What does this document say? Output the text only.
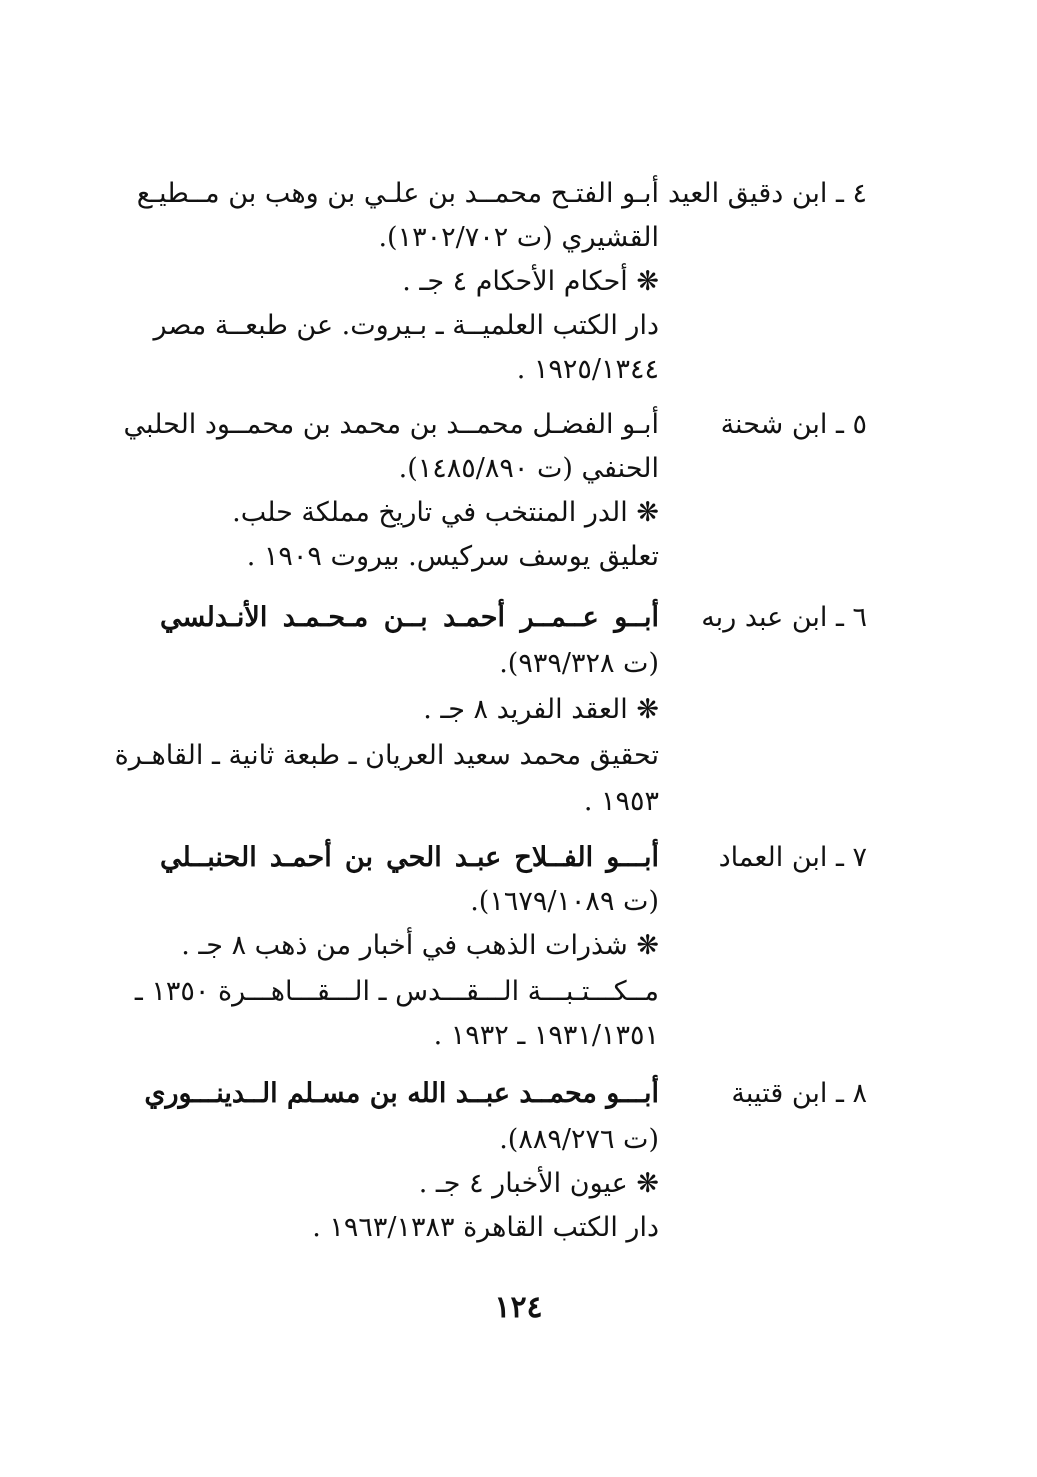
٤ ـ ابن دقيق العيد
أبـو الفتـح محمــد بن علـي بن وهب بن مــطيـع
القشيري (ت ١٣٠٢/٧٠٢).
❋ أحكام الأحكام ٤ جـ .
دار الكتب العلميــة ـ بـيروت. عن طبعــة مصر
١٩٢٥/١٣٤٤ .
٥ ـ ابن شحنة
أبـو الفضـل محمــد بن محمد بن محمــود الحلبي
الحنفي (ت ١٤٨٥/٨٩٠).
❋ الدر المنتخب في تاريخ مملكة حلب.
تعليق يوسف سركيس. بيروت ١٩٠٩ .
٦ ـ ابن عبد ربه
أبــو عــمــر أحمـد بــن مـحـمـد الأنـدلسي
(ت ٩٣٩/٣٢٨).
❋ العقد الفريد ٨ جـ .
تحقيق محمد سعيد العريان ـ طبعة ثانية ـ القاهـرة
١٩٥٣ .
٧ ـ ابن العماد
أبـــو الفــلاح عبـد الحي بن أحمـد الحنبــلي
(ت ١٦٧٩/١٠٨٩).
❋ شذرات الذهب في أخبار من ذهب ٨ جـ .
مــكـــتـبـــة الـــقـــدس ـ الـــقـــاهـــرة ١٣٥٠ ـ
١٩٣١/١٣٥١ ـ ١٩٣٢ .
٨ ـ ابن قتيبة
أبـــو محمــد عبــد الله بن مسـلم الــدينـــوري
(ت ٨٨٩/٢٧٦).
❋ عيون الأخبار ٤ جـ .
دار الكتب القاهرة ١٩٦٣/١٣٨٣ .
١٢٤
